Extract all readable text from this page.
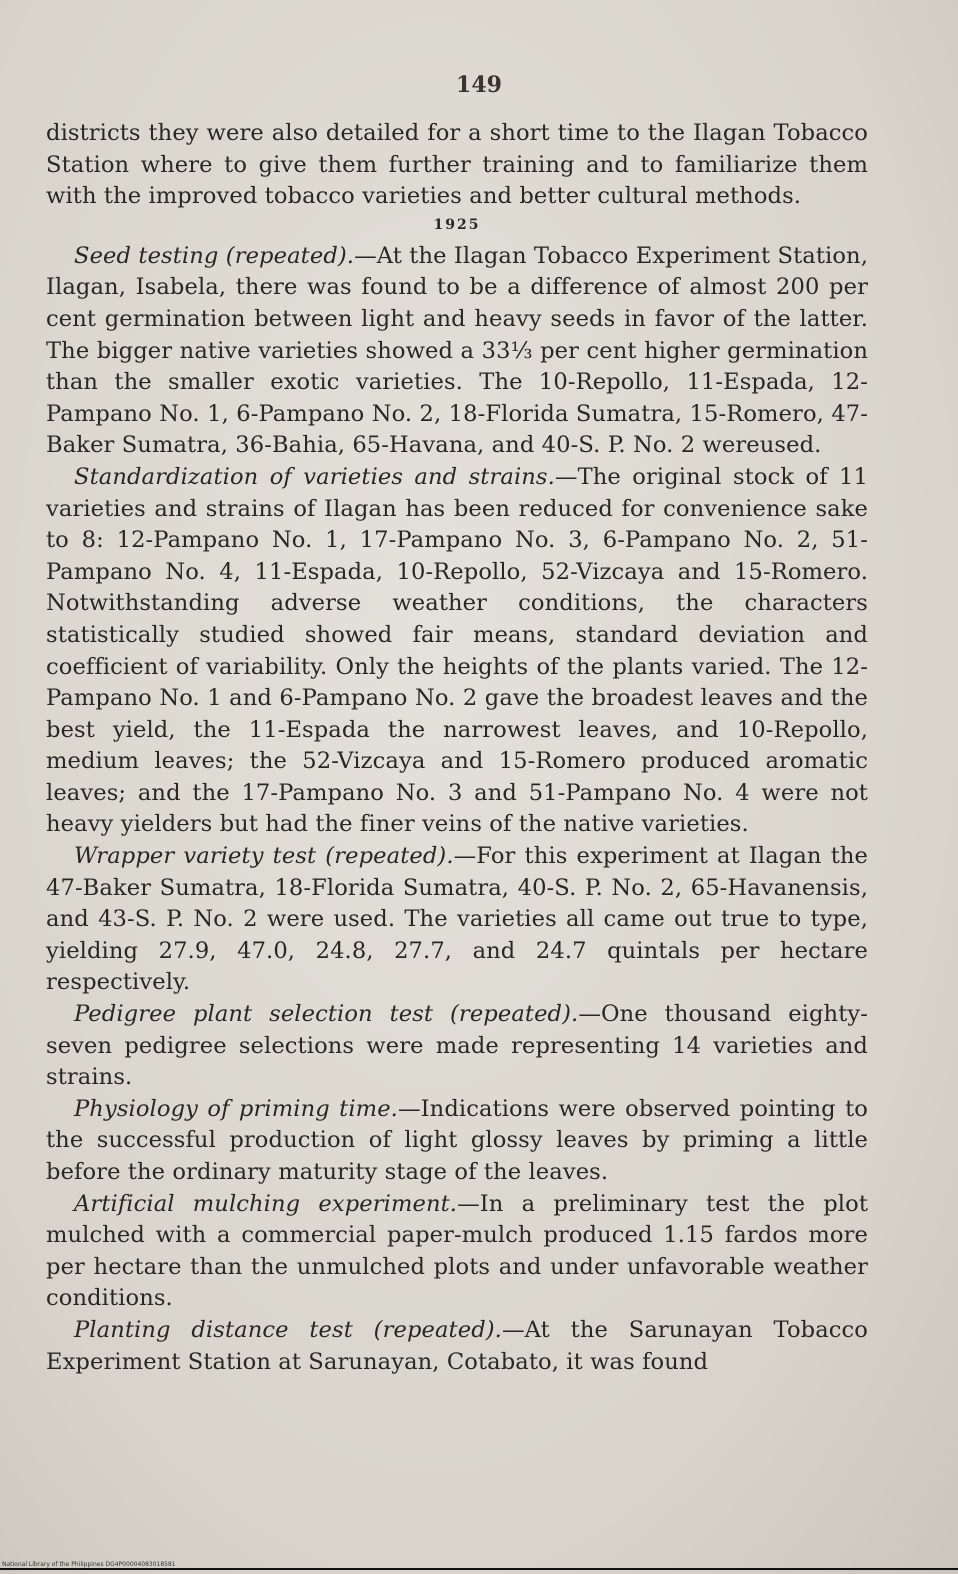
149

districts they were also detailed for a short time to the Ilagan Tobacco Station where to give them further training and to familiarize them with the improved tobacco varieties and better cultural methods.

1925

Seed testing (repeated).—At the Ilagan Tobacco Experiment Station, Ilagan, Isabela, there was found to be a difference of almost 200 per cent germination between light and heavy seeds in favor of the latter. The bigger native varieties showed a 33⅓ per cent higher germination than the smaller exotic varieties. The 10-Repollo, 11-Espada, 12-Pampano No. 1, 6-Pampano No. 2, 18-Florida Sumatra, 15-Romero, 47-Baker Sumatra, 36-Bahia, 65-Havana, and 40-S. P. No. 2 wereused.

Standardization of varieties and strains.—The original stock of 11 varieties and strains of Ilagan has been reduced for convenience sake to 8: 12-Pampano No. 1, 17-Pampano No. 3, 6-Pampano No. 2, 51-Pampano No. 4, 11-Espada, 10-Repollo, 52-Vizcaya and 15-Romero. Notwithstanding adverse weather conditions, the characters statistically studied showed fair means, standard deviation and coefficient of variability. Only the heights of the plants varied. The 12-Pampano No. 1 and 6-Pampano No. 2 gave the broadest leaves and the best yield, the 11-Espada the narrowest leaves, and 10-Repollo, medium leaves; the 52-Vizcaya and 15-Romero produced aromatic leaves; and the 17-Pampano No. 3 and 51-Pampano No. 4 were not heavy yielders but had the finer veins of the native varieties.

Wrapper variety test (repeated).—For this experiment at Ilagan the 47-Baker Sumatra, 18-Florida Sumatra, 40-S. P. No. 2, 65-Havanensis, and 43-S. P. No. 2 were used. The varieties all came out true to type, yielding 27.9, 47.0, 24.8, 27.7, and 24.7 quintals per hectare respectively.

Pedigree plant selection test (repeated).—One thousand eighty-seven pedigree selections were made representing 14 varieties and strains.

Physiology of priming time.—Indications were observed pointing to the successful production of light glossy leaves by priming a little before the ordinary maturity stage of the leaves.

Artificial mulching experiment.—In a preliminary test the plot mulched with a commercial paper-mulch produced 1.15 fardos more per hectare than the unmulched plots and under unfavorable weather conditions.

Planting distance test (repeated).—At the Sarunayan Tobacco Experiment Station at Sarunayan, Cotabato, it was found

National Library of the Philippines DG4P00004083018581
